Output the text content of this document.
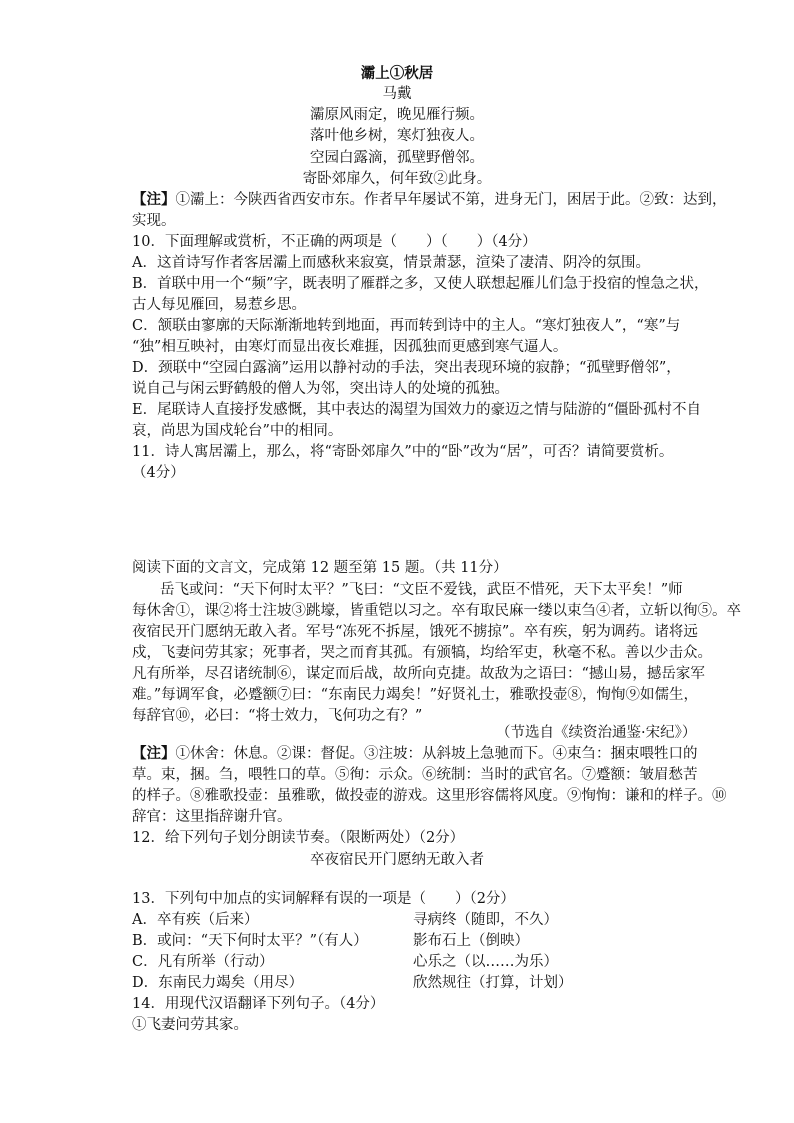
灞上①秋居
马戴
灞原风雨定，晚见雁行频。
落叶他乡树，寒灯独夜人。
空园白露滴，孤壁野僧邻。
寄卧郊扉久，何年致②此身。
【注】①灞上：今陕西省西安市东。作者早年屡试不第，进身无门，困居于此。②致：达到，
实现。
10．下面理解或赏析，不正确的两项是（　　）（　　）（4分）
A．这首诗写作者客居灞上而感秋来寂寞，情景萧瑟，渲染了凄清、阴冷的氛围。
B．首联中用一个“频”字，既表明了雁群之多，又使人联想起雁儿们急于投宿的惶急之状，
古人每见雁回，易惹乡思。
C．颔联由寥廓的天际渐渐地转到地面，再而转到诗中的主人。“寒灯独夜人”，“寒”与
“独”相互映衬，由寒灯而显出夜长难捱，因孤独而更感到寒气逼人。
D．颈联中“空园白露滴”运用以静衬动的手法，突出表现环境的寂静；“孤壁野僧邻”，
说自己与闲云野鹤般的僧人为邻，突出诗人的处境的孤独。
E．尾联诗人直接抒发感慨，其中表达的渴望为国效力的豪迈之情与陆游的“僵卧孤村不自
哀，尚思为国戍轮台”中的相同。
11．诗人寓居灞上，那么，将“寄卧郊扉久”中的“卧”改为“居”，可否？请简要赏析。
（4分）
阅读下面的文言文，完成第 12 题至第 15 题。（共 11分）
岳飞或问：“天下何时太平？”飞曰：“文臣不爱钱，武臣不惜死，天下太平矣！”师
每休舍①，课②将士注坡③跳壕，皆重铠以习之。卒有取民麻一缕以束刍④者，立斩以徇⑤。卒
夜宿民开门愿纳无敢入者。军号“冻死不拆屋，饿死不掳掠”。卒有疾，躬为调药。诸将远
戍，飞妻问劳其家；死事者，哭之而育其孤。有颁犒，均给军吏，秋毫不私。善以少击众。
凡有所举，尽召诸统制⑥，谋定而后战，故所向克捷。故敌为之语曰：“撼山易，撼岳家军
难。”每调军食，必蹙额⑦曰：“东南民力竭矣！”好贤礼士，雅歌投壶⑧，恂恂⑨如儒生，
每辞官⑩，必曰：“将士效力，飞何功之有？”
（节选自《续资治通鉴·宋纪》）
【注】①休舍：休息。②课：督促。③注坡：从斜坡上急驰而下。④束刍：捆束喂牲口的
草。束，捆。刍，喂牲口的草。⑤徇：示众。⑥统制：当时的武官名。⑦蹙额：皱眉愁苦
的样子。⑧雅歌投壶：虽雅歌，做投壶的游戏。这里形容儒将风度。⑨恂恂：谦和的样子。⑩
辞官：这里指辞谢升官。
12．给下列句子划分朗读节奏。（限断两处）（2分）
卒夜宿民开门愿纳无敢入者
13．下列句中加点的实词解释有误的一项是（　　）（2分）
A．卒有疾（后来）	寻病终（随即，不久）
B．或问：“天下何时太平？”（有人）	影布石上（倒映）
C．凡有所举（行动）	心乐之（以……为乐）
D．东南民力竭矣（用尽）	欣然规往（打算，计划）
14．用现代汉语翻译下列句子。（4分）
①飞妻问劳其家。
